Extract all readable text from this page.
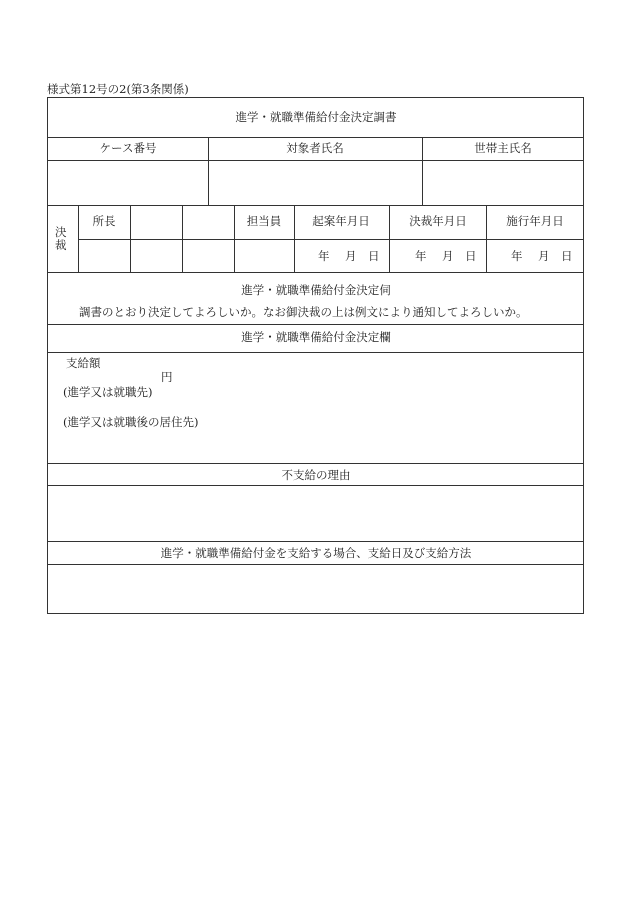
様式第12号の2(第3条関係)
進学・就職準備給付金決定調書
ケース番号	対象者氏名	世帯主氏名
決
裁
所長	担当員	起案年月日	決裁年月日	施行年月日
年 月 日	年 月 日	年 月 日
進学・就職準備給付金決定伺
調書のとおり決定してよろしいか。なお御決裁の上は例文により通知してよろしいか。
進学・就職準備給付金決定欄
支給額
円
(進学又は就職先)
(進学又は就職後の居住先)
不支給の理由
進学・就職準備給付金を支給する場合、支給日及び支給方法
